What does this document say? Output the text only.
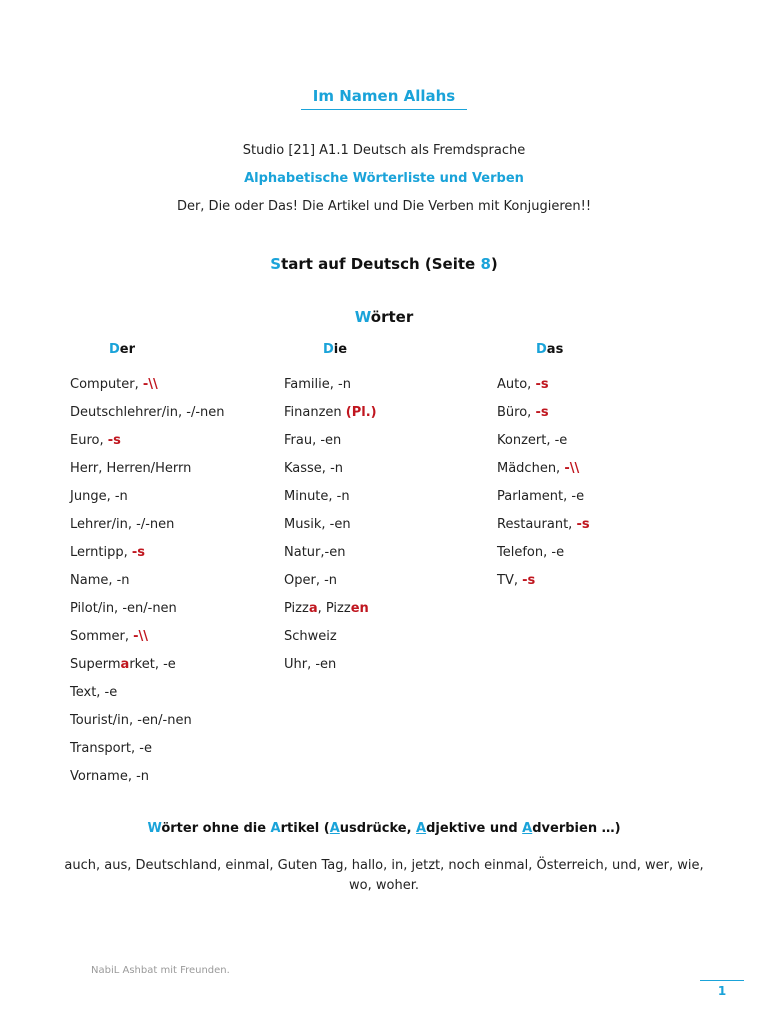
Im Namen Allahs
Studio [21] A1.1 Deutsch als Fremdsprache
Alphabetische Wörterliste und Verben
Der, Die oder Das! Die Artikel und Die Verben mit Konjugieren!!
Start auf Deutsch (Seite 8)
Wörter
Der	Die	Das
Computer, -\\
Deutschlehrer/in, -/-nen
Euro, -s
Herr, Herren/Herrn
Junge, -n
Lehrer/in, -/-nen
Lerntipp, -s
Name, -n
Pilot/in, -en/-nen
Sommer, -\\
Supermarket, -e
Text, -e
Tourist/in, -en/-nen
Transport, -e
Vorname, -n
Familie, -n
Finanzen (Pl.)
Frau, -en
Kasse, -n
Minute, -n
Musik, -en
Natur,-en
Oper, -n
Pizza, Pizzen
Schweiz
Uhr, -en
Auto, -s
Büro, -s
Konzert, -e
Mädchen, -\\
Parlament, -e
Restaurant, -s
Telefon, -e
TV, -s
Wörter ohne die Artikel (Ausdrücke, Adjektive und Adverbien …)
auch, aus, Deutschland, einmal, Guten Tag, hallo, in, jetzt, noch einmal, Österreich, und, wer, wie, wo, woher.
NabiL Ashbat mit Freunden.
1
